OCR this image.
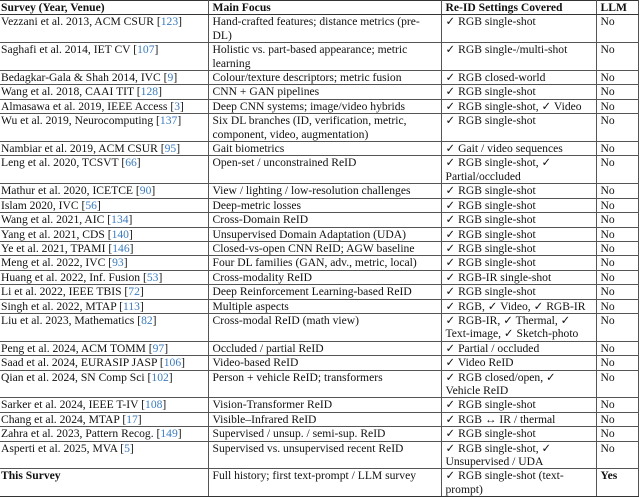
Survey (Year, Venue)	Main Focus	Re-ID Settings Covered	LLM
Vezzani et al. 2013, ACM CSUR [123]	Hand-crafted features; distance metrics (pre-DL)	✓ RGB single-shot	No
Saghafi et al. 2014, IET CV [107]	Holistic vs. part-based appearance; metric learning	✓ RGB single-/multi-shot	No
Bedagkar-Gala & Shah 2014, IVC [9]	Colour/texture descriptors; metric fusion	✓ RGB closed-world	No
Wang et al. 2018, CAAI TIT [128]	CNN + GAN pipelines	✓ RGB single-shot	No
Almasawa et al. 2019, IEEE Access [3]	Deep CNN systems; image/video hybrids	✓ RGB single-shot, ✓ Video	No
Wu et al. 2019, Neurocomputing [137]	Six DL branches (ID, verification, metric, component, video, augmentation)	✓ RGB single-shot	No
Nambiar et al. 2019, ACM CSUR [95]	Gait biometrics	✓ Gait / video sequences	No
Leng et al. 2020, TCSVT [66]	Open-set / unconstrained ReID	✓ RGB single-shot, ✓ Partial/occluded	No
Mathur et al. 2020, ICETCE [90]	View / lighting / low-resolution challenges	✓ RGB single-shot	No
Islam 2020, IVC [56]	Deep-metric losses	✓ RGB single-shot	No
Wang et al. 2021, AIC [134]	Cross-Domain ReID	✓ RGB single-shot	No
Yang et al. 2021, CDS [140]	Unsupervised Domain Adaptation (UDA)	✓ RGB single-shot	No
Ye et al. 2021, TPAMI [146]	Closed-vs-open CNN ReID; AGW baseline	✓ RGB single-shot	No
Meng et al. 2022, IVC [93]	Four DL families (GAN, adv., metric, local)	✓ RGB single-shot	No
Huang et al. 2022, Inf. Fusion [53]	Cross-modality ReID	✓ RGB-IR single-shot	No
Li et al. 2022, IEEE TBIS [72]	Deep Reinforcement Learning-based ReID	✓ RGB single-shot	No
Singh et al. 2022, MTAP [113]	Multiple aspects	✓ RGB, ✓ Video, ✓ RGB-IR	No
Liu et al. 2023, Mathematics [82]	Cross-modal ReID (math view)	✓ RGB-IR, ✓ Thermal, ✓ Text-image, ✓ Sketch-photo	No
Peng et al. 2024, ACM TOMM [97]	Occluded / partial ReID	✓ Partial / occluded	No
Saad et al. 2024, EURASIP JASP [106]	Video-based ReID	✓ Video ReID	No
Qian et al. 2024, SN Comp Sci [102]	Person + vehicle ReID; transformers	✓ RGB closed/open, ✓ Vehicle ReID	No
Sarker et al. 2024, IEEE T-IV [108]	Vision-Transformer ReID	✓ RGB single-shot	No
Chang et al. 2024, MTAP [17]	Visible–Infrared ReID	✓ RGB ↔ IR / thermal	No
Zahra et al. 2023, Pattern Recog. [149]	Supervised / unsup. / semi-sup. ReID	✓ RGB single-shot	No
Asperti et al. 2025, MVA [5]	Supervised vs. unsupervised recent ReID	✓ RGB single-shot, ✓ Unsupervised / UDA	No
This Survey	Full history; first text-prompt / LLM survey	✓ RGB single-shot (text-prompt)	Yes
